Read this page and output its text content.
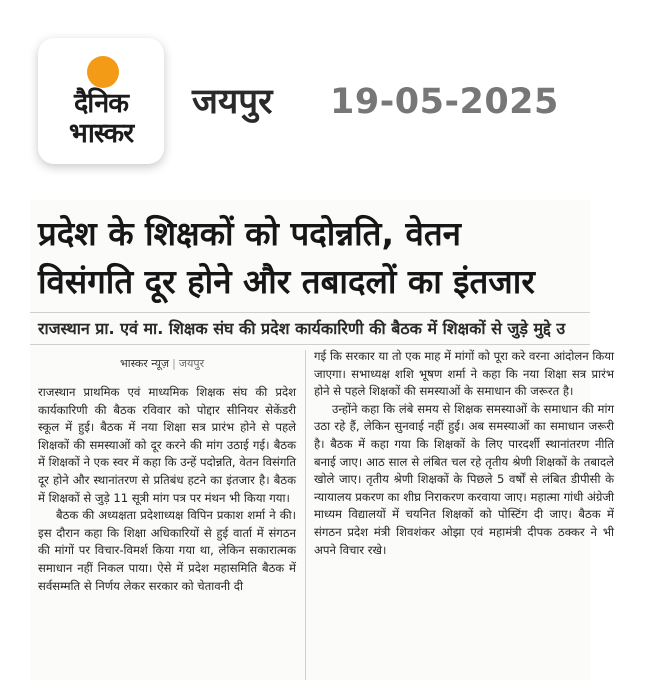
दैनिक
भास्कर
जयपुर 19-05-2025
प्रदेश के शिक्षकों को पदोन्नति, वेतन
विसंगति दूर होने और तबादलों का इंतजार
राजस्थान प्रा. एवं मा. शिक्षक संघ की प्रदेश कार्यकारिणी की बैठक में शिक्षकों से जुड़े मुद्दे उ
भास्कर न्यूज़ | जयपुर

राजस्थान प्राथमिक एवं माध्यमिक शिक्षक संघ की प्रदेश कार्यकारिणी की बैठक रविवार को पोद्दार सीनियर सेकेंडरी स्कूल में हुई। बैठक में नया शिक्षा सत्र प्रारंभ होने से पहले शिक्षकों की समस्याओं को दूर करने की मांग उठाई गई। बैठक में शिक्षकों ने एक स्वर में कहा कि उन्हें पदोन्नति, वेतन विसंगति दूर होने और स्थानांतरण से प्रतिबंध हटने का इंतजार है। बैठक में शिक्षकों से जुड़े 11 सूत्री मांग पत्र पर मंथन भी किया गया।

बैठक की अध्यक्षता प्रदेशाध्यक्ष विपिन प्रकाश शर्मा ने की। इस दौरान कहा कि शिक्षा अधिकारियों से हुई वार्ता में संगठन की मांगों पर विचार-विमर्श किया गया था, लेकिन सकारात्मक समाधान नहीं निकल पाया। ऐसे में प्रदेश महासमिति बैठक में सर्वसम्मति से निर्णय लेकर सरकार को चेतावनी दी

गई कि सरकार या तो एक माह में मांगों को पूरा करे वरना आंदोलन किया जाएगा। सभाध्यक्ष शशि भूषण शर्मा ने कहा कि नया शिक्षा सत्र प्रारंभ होने से पहले शिक्षकों की समस्याओं के समाधान की जरूरत है।

उन्होंने कहा कि लंबे समय से शिक्षक समस्याओं के समाधान की मांग उठा रहे हैं, लेकिन सुनवाई नहीं हुई। अब समस्याओं का समाधान जरूरी है। बैठक में कहा गया कि शिक्षकों के लिए पारदर्शी स्थानांतरण नीति बनाई जाए। आठ साल से लंबित चल रहे तृतीय श्रेणी शिक्षकों के तबादले खोले जाए। तृतीय श्रेणी शिक्षकों के पिछले 5 वर्षों से लंबित डीपीसी के न्यायालय प्रकरण का शीघ्र निराकरण करवाया जाए। महात्मा गांधी अंग्रेजी माध्यम विद्यालयों में चयनित शिक्षकों को पोस्टिंग दी जाए। बैठक में संगठन प्रदेश मंत्री शिवशंकर ओझा एवं महामंत्री दीपक ठक्कर ने भी अपने विचार रखे।
